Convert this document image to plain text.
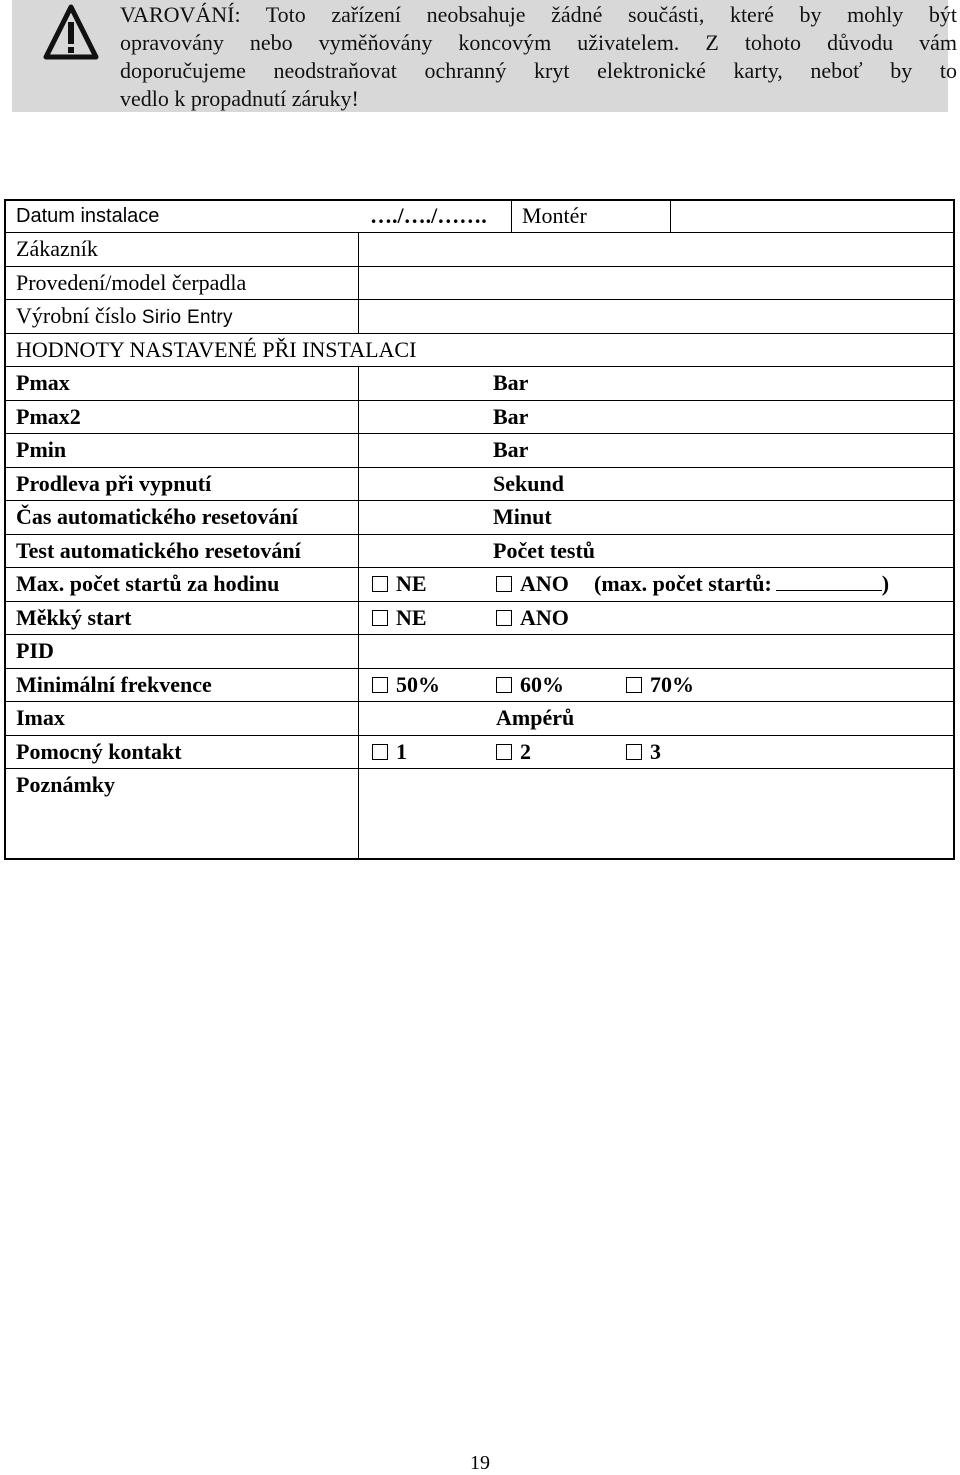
VAROVÁNÍ: Toto zařízení neobsahuje žádné součásti, které by mohly být
opravovány nebo vyměňovány koncovým uživatelem. Z tohoto důvodu vám
doporučujeme neodstraňovat ochranný kryt elektronické karty, neboť by to
vedlo k propadnutí záruky!
Datum instalace	…./…./……. Montér
Zákazník
Provedení/model čerpadla
Výrobní číslo Sirio Entry
HODNOTY NASTAVENÉ PŘI INSTALACI
Pmax	Bar
Pmax2	Bar
Pmin	Bar
Prodleva při vypnutí	Sekund
Čas automatického resetování	Minut
Test automatického resetování	Počet testů
Max. počet startů za hodinu	NE	ANO (max. počet startů:	)
Měkký start	NE	ANO
PID
Minimální frekvence	50%	60%	70%
Imax	Ampérů
Pomocný kontakt	1	2	3
Poznámky
19
